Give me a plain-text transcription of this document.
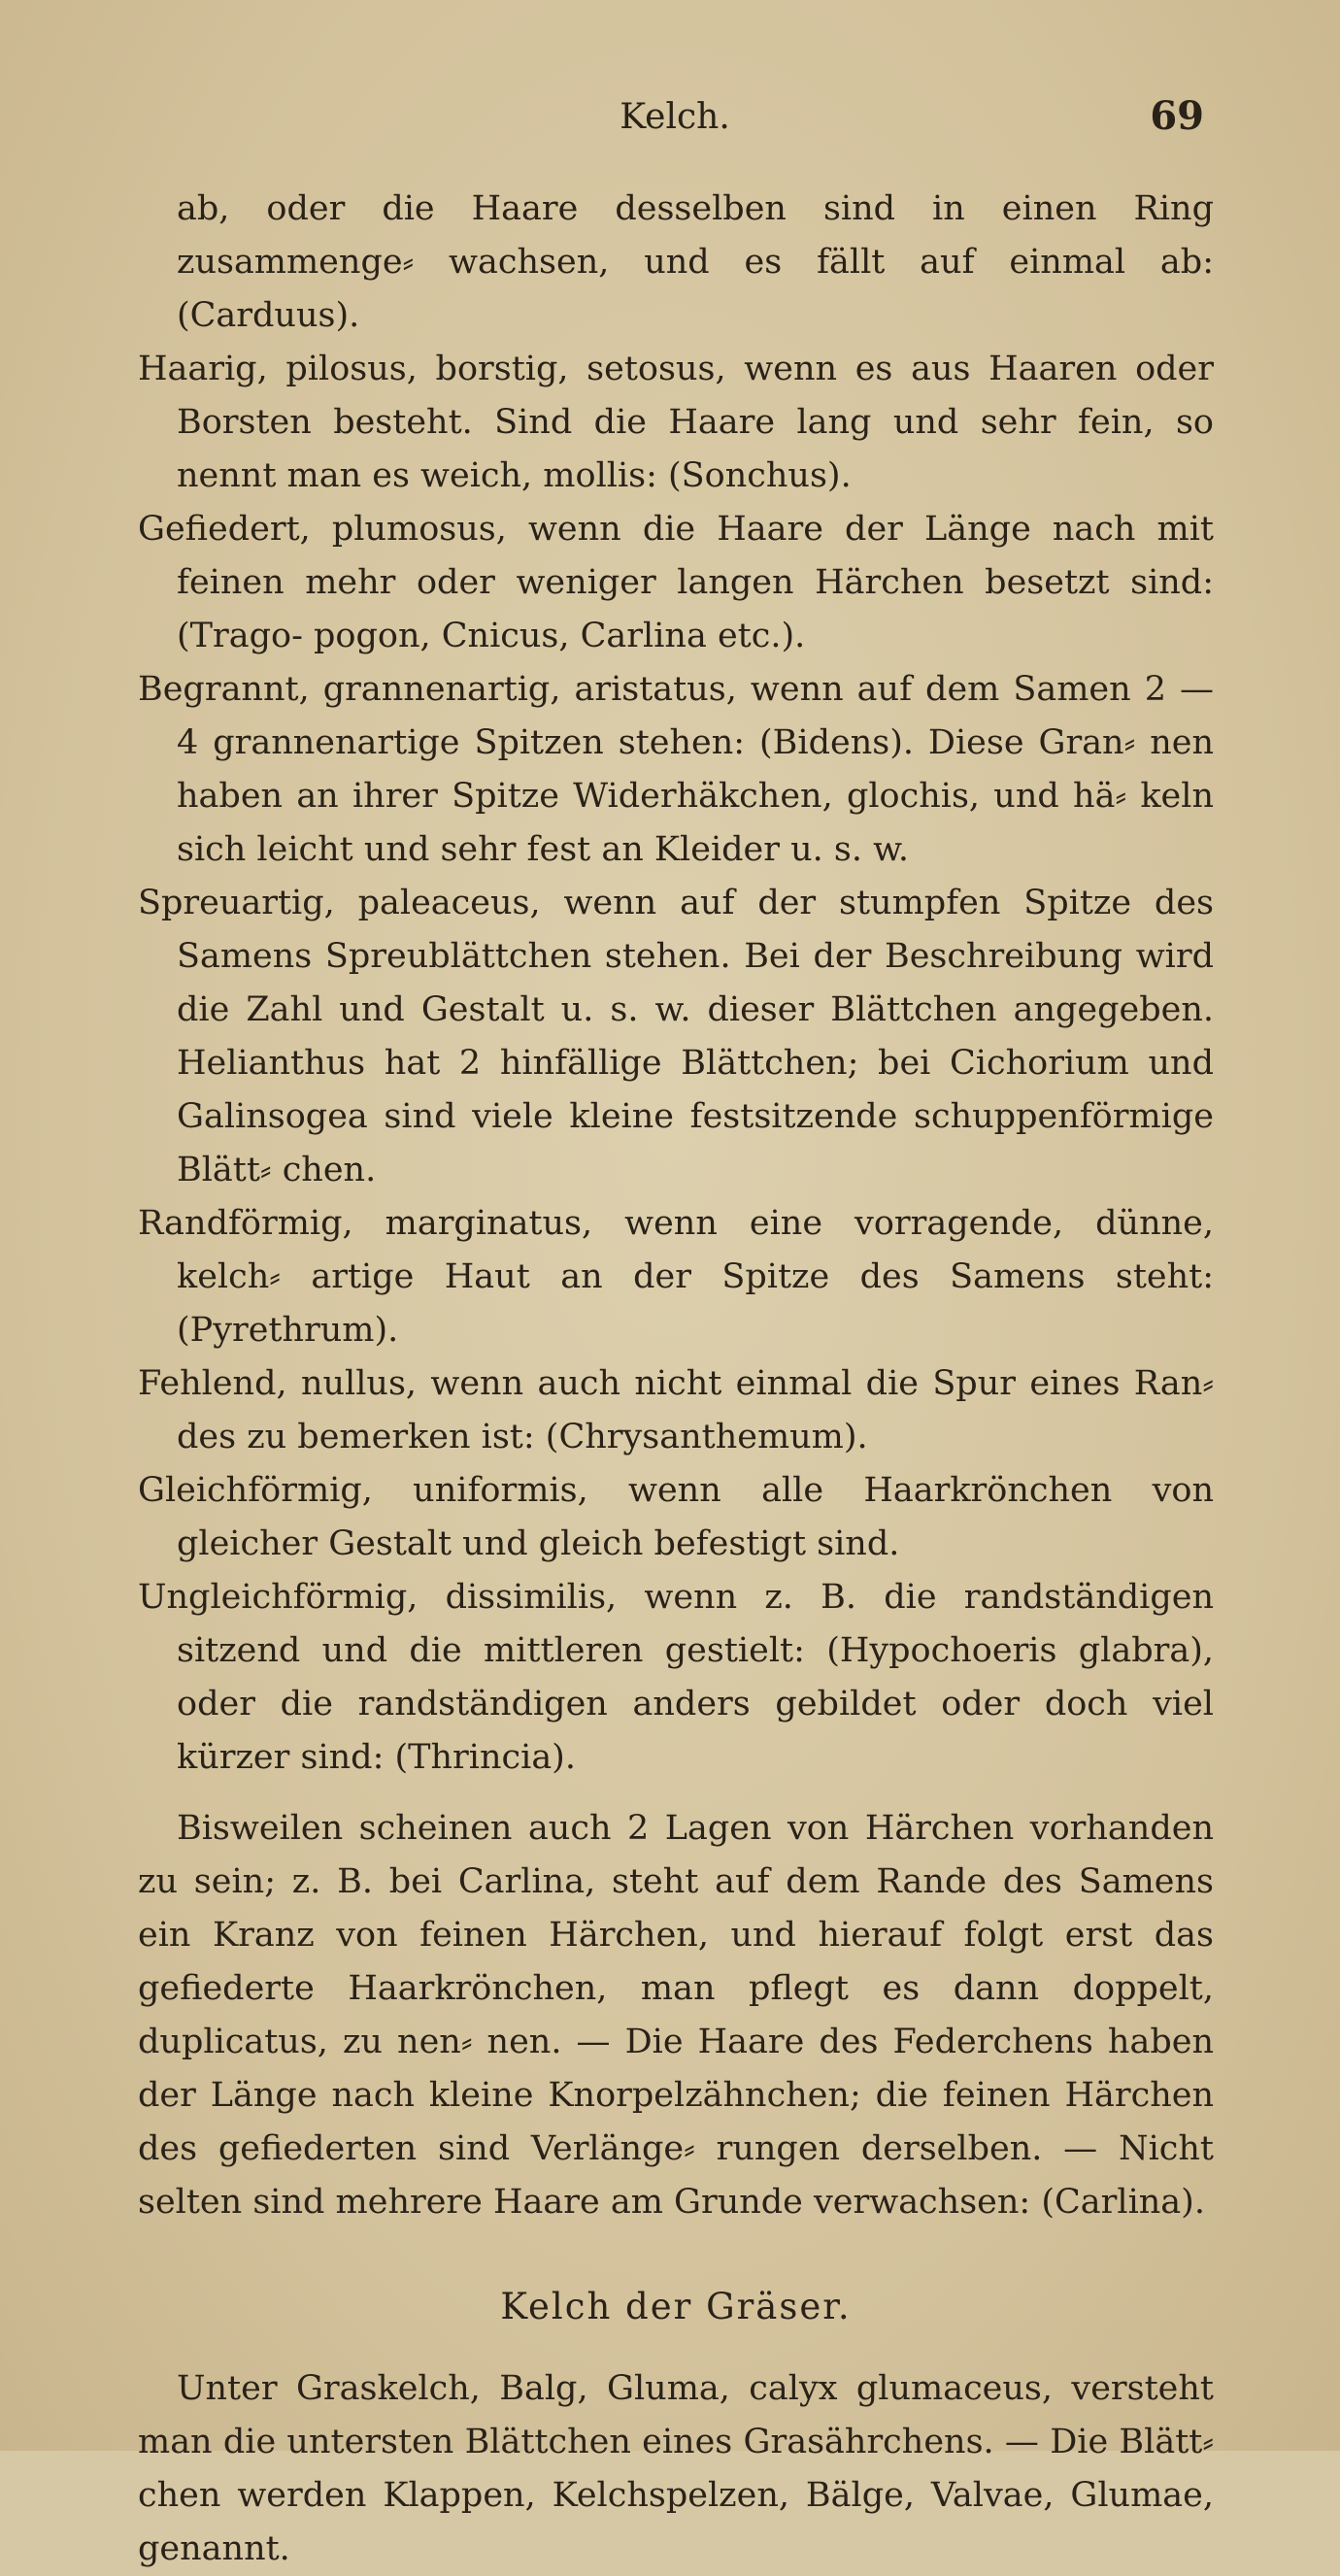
Kelch.	69

ab, oder die Haare desselben sind in einen Ring zusammenge⸗ wachsen, und es fällt auf einmal ab: (Carduus).

Haarig, pilosus, borstig, setosus, wenn es aus Haaren oder Borsten besteht. Sind die Haare lang und sehr fein, so nennt man es weich, mollis: (Sonchus).

Gefiedert, plumosus, wenn die Haare der Länge nach mit feinen mehr oder weniger langen Härchen besetzt sind: (Trago- pogon, Cnicus, Carlina etc.).

Begrannt, grannenartig, aristatus, wenn auf dem Samen 2 — 4 grannenartige Spitzen stehen: (Bidens). Diese Gran⸗ nen haben an ihrer Spitze Widerhäkchen, glochis, und hä⸗ keln sich leicht und sehr fest an Kleider u. s. w.

Spreuartig, paleaceus, wenn auf der stumpfen Spitze des Samens Spreublättchen stehen. Bei der Beschreibung wird die Zahl und Gestalt u. s. w. dieser Blättchen angegeben. Helianthus hat 2 hinfällige Blättchen; bei Cichorium und Galinsogea sind viele kleine festsitzende schuppenförmige Blätt⸗ chen.

Randförmig, marginatus, wenn eine vorragende, dünne, kelch⸗ artige Haut an der Spitze des Samens steht: (Pyrethrum).

Fehlend, nullus, wenn auch nicht einmal die Spur eines Ran⸗ des zu bemerken ist: (Chrysanthemum).

Gleichförmig, uniformis, wenn alle Haarkrönchen von gleicher Gestalt und gleich befestigt sind.

Ungleichförmig, dissimilis, wenn z. B. die randständigen sitzend und die mittleren gestielt: (Hypochoeris glabra), oder die randständigen anders gebildet oder doch viel kürzer sind: (Thrincia).

Bisweilen scheinen auch 2 Lagen von Härchen vorhanden zu sein; z. B. bei Carlina, steht auf dem Rande des Samens ein Kranz von feinen Härchen, und hierauf folgt erst das gefiederte Haarkrönchen, man pflegt es dann doppelt, duplicatus, zu nen⸗ nen. — Die Haare des Federchens haben der Länge nach kleine Knorpelzähnchen; die feinen Härchen des gefiederten sind Verlänge⸗ rungen derselben. — Nicht selten sind mehrere Haare am Grunde verwachsen: (Carlina).

Kelch der Gräser.

Unter Graskelch, Balg, Gluma, calyx glumaceus, versteht man die untersten Blättchen eines Grasährchens. — Die Blätt⸗ chen werden Klappen, Kelchspelzen, Bälge, Valvae, Glumae, genannt.
